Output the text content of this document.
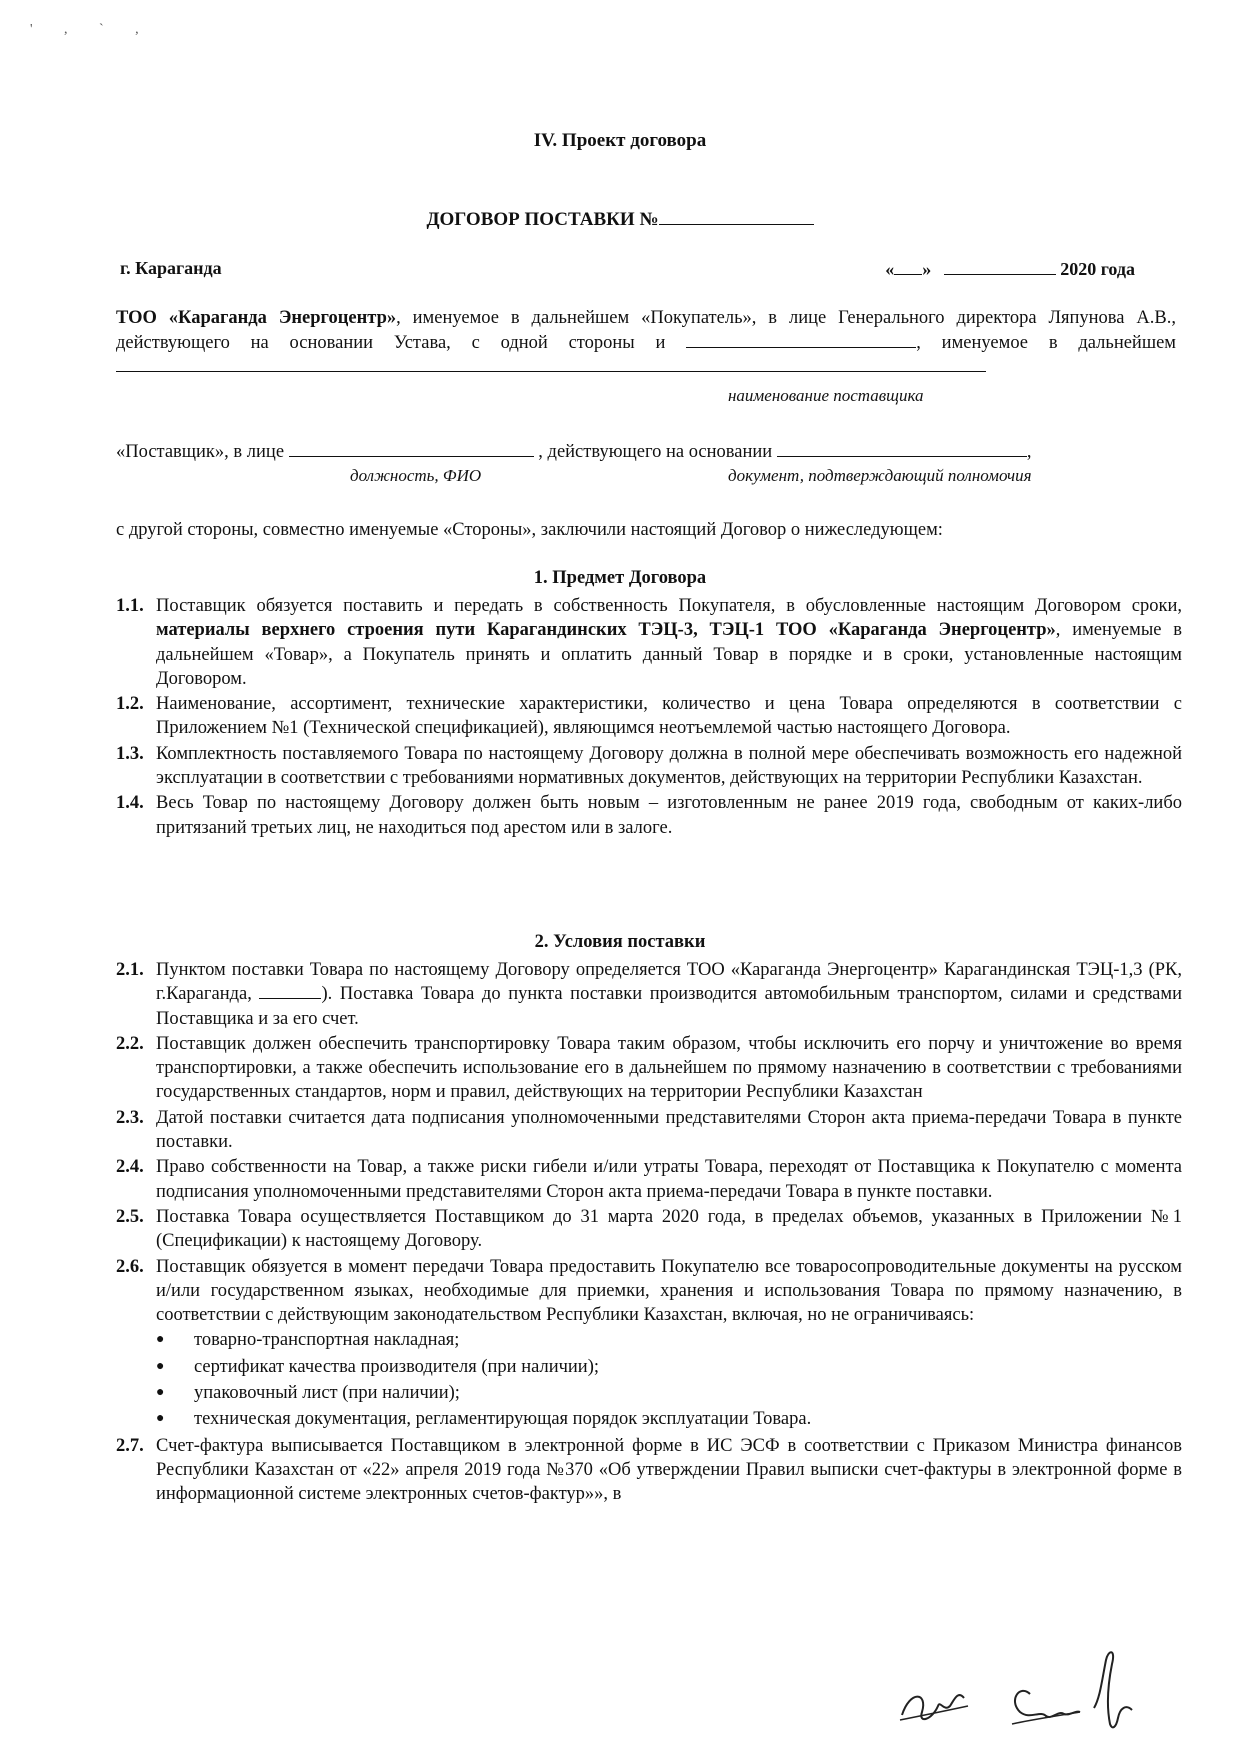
' , ` ,
IV. Проект договора
ДОГОВОР ПОСТАВКИ №
г. Караганда	« »	2020 года
ТОО «Караганда Энергоцентр», именуемое в дальнейшем «Покупатель», в лице Генерального директора Ляпунова А.В., действующего на основании Устава, с одной стороны и	, именуемое в дальнейшем
наименование поставщика
«Поставщик», в лице	, действующего на основании	,
должность, ФИО	документ, подтверждающий полномочия
с другой стороны, совместно именуемые «Стороны», заключили настоящий Договор о нижеследующем:
1. Предмет Договора
1.1. Поставщик обязуется поставить и передать в собственность Покупателя, в обусловленные настоящим Договором сроки, материалы верхнего строения пути Карагандинских ТЭЦ-3, ТЭЦ-1 ТОО «Караганда Энергоцентр», именуемые в дальнейшем «Товар», а Покупатель принять и оплатить данный Товар в порядке и в сроки, установленные настоящим Договором.
1.2. Наименование, ассортимент, технические характеристики, количество и цена Товара определяются в соответствии с Приложением №1 (Технической спецификацией), являющимся неотъемлемой частью настоящего Договора.
1.3. Комплектность поставляемого Товара по настоящему Договору должна в полной мере обеспечивать возможность его надежной эксплуатации в соответствии с требованиями нормативных документов, действующих на территории Республики Казахстан.
1.4. Весь Товар по настоящему Договору должен быть новым – изготовленным не ранее 2019 года, свободным от каких-либо притязаний третьих лиц, не находиться под арестом или в залоге.
2. Условия поставки
2.1. Пунктом поставки Товара по настоящему Договору определяется ТОО «Караганда Энергоцентр» Карагандинская ТЭЦ-1,3 (РК, г.Караганда,	). Поставка Товара до пункта поставки производится автомобильным транспортом, силами и средствами Поставщика и за его счет.
2.2. Поставщик должен обеспечить транспортировку Товара таким образом, чтобы исключить его порчу и уничтожение во время транспортировки, а также обеспечить использование его в дальнейшем по прямому назначению в соответствии с требованиями государственных стандартов, норм и правил, действующих на территории Республики Казахстан
2.3. Датой поставки считается дата подписания уполномоченными представителями Сторон акта приема-передачи Товара в пункте поставки.
2.4. Право собственности на Товар, а также риски гибели и/или утраты Товара, переходят от Поставщика к Покупателю с момента подписания уполномоченными представителями Сторон акта приема-передачи Товара в пункте поставки.
2.5. Поставка Товара осуществляется Поставщиком до 31 марта 2020 года, в пределах объемов, указанных в Приложении №1 (Спецификации) к настоящему Договору.
2.6. Поставщик обязуется в момент передачи Товара предоставить Покупателю все товаросопроводительные документы на русском и/или государственном языках, необходимые для приемки, хранения и использования Товара по прямому назначению, в соответствии с действующим законодательством Республики Казахстан, включая, но не ограничиваясь:
●	товарно-транспортная накладная;
●	сертификат качества производителя (при наличии);
●	упаковочный лист (при наличии);
●	техническая документация, регламентирующая порядок эксплуатации Товара.
2.7. Счет-фактура выписывается Поставщиком в электронной форме в ИС ЭСФ в соответствии с Приказом Министра финансов Республики Казахстан от «22» апреля 2019 года №370 «Об утверждении Правил выписки счет-фактуры в электронной форме в информационной системе электронных счетов-фактур»», в
